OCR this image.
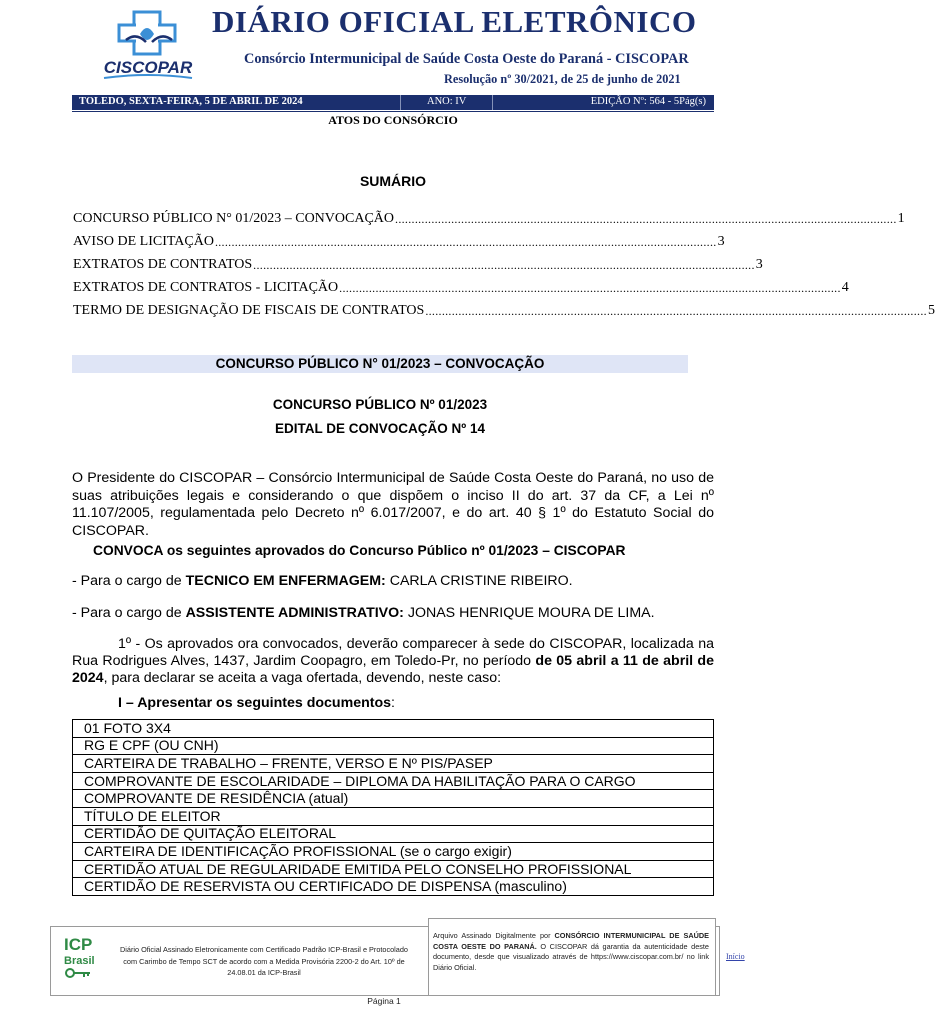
CISCOPAR
DIÁRIO OFICIAL ELETRÔNICO
Consórcio Intermunicipal de Saúde Costa Oeste do Paraná - CISCOPAR
Resolução nº 30/2021, de 25 de junho de 2021
TOLEDO, SEXTA-FEIRA, 5 DE ABRIL DE 2024	ANO: IV	EDIÇÃO Nº: 564 - 5Pág(s)
ATOS DO CONSÓRCIO
SUMÁRIO
CONCURSO PÚBLICO N° 01/2023 – CONVOCAÇÃO ........................................................................................................................................................ 1
AVISO DE LICITAÇÃO ........................................................................................................................................................ 3
EXTRATOS DE CONTRATOS ........................................................................................................................................................ 3
EXTRATOS DE CONTRATOS - LICITAÇÃO ........................................................................................................................................................ 4
TERMO DE DESIGNAÇÃO DE FISCAIS DE CONTRATOS ........................................................................................................................................................ 5
CONCURSO PÚBLICO N° 01/2023 – CONVOCAÇÃO
CONCURSO PÚBLICO Nº 01/2023
EDITAL DE CONVOCAÇÃO Nº 14
O Presidente do CISCOPAR – Consórcio Intermunicipal de Saúde Costa Oeste do Paraná, no uso de suas atribuições legais e considerando o que dispõem o inciso II do art. 37 da CF, a Lei nº 11.107/2005, regulamentada pelo Decreto nº 6.017/2007, e do art. 40 § 1º do Estatuto Social do CISCOPAR.
CONVOCA os seguintes aprovados do Concurso Público nº 01/2023 – CISCOPAR
- Para o cargo de TECNICO EM ENFERMAGEM: CARLA CRISTINE RIBEIRO.
- Para o cargo de ASSISTENTE ADMINISTRATIVO: JONAS HENRIQUE MOURA DE LIMA.
1º - Os aprovados ora convocados, deverão comparecer à sede do CISCOPAR, localizada na Rua Rodrigues Alves, 1437, Jardim Coopagro, em Toledo-Pr, no período de 05 abril a 11 de abril de 2024, para declarar se aceita a vaga ofertada, devendo, neste caso:
I – Apresentar os seguintes documentos:
01 FOTO 3X4
RG E CPF (OU CNH)
CARTEIRA DE TRABALHO – FRENTE, VERSO E Nº PIS/PASEP
COMPROVANTE DE ESCOLARIDADE – DIPLOMA DA HABILITAÇÃO PARA O CARGO
COMPROVANTE DE RESIDÊNCIA (atual)
TÍTULO DE ELEITOR
CERTIDÃO DE QUITAÇÃO ELEITORAL
CARTEIRA DE IDENTIFICAÇÃO PROFISSIONAL (se o cargo exigir)
CERTIDÃO ATUAL DE REGULARIDADE EMITIDA PELO CONSELHO PROFISSIONAL
CERTIDÃO DE RESERVISTA OU CERTIFICADO DE DISPENSA (masculino)
ICP
Brasil
Diário Oficial Assinado Eletronicamente com Certificado Padrão ICP-Brasil e Protocolado com Carimbo de Tempo SCT de acordo com a Medida Provisória 2200-2 do Art. 10º de 24.08.01 da ICP-Brasil
Arquivo Assinado Digitalmente por CONSÓRCIO INTERMUNICIPAL DE SAÚDE COSTA OESTE DO PARANÁ. O CISCOPAR dá garantia da autenticidade deste documento, desde que visualizado através de https://www.ciscopar.com.br/ no link Diário Oficial.
Início
Página 1
